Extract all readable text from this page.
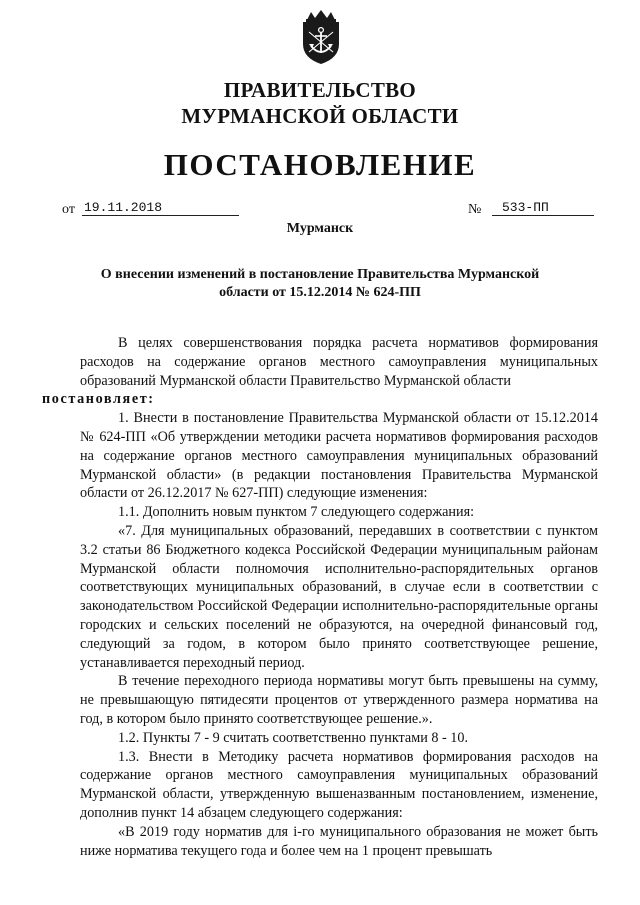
ПРАВИТЕЛЬСТВО
МУРМАНСКОЙ ОБЛАСТИ
ПОСТАНОВЛЕНИЕ
от 19.11.2018	№	533-ПП
Мурманск
О внесении изменений в постановление Правительства Мурманской области от 15.12.2014 № 624-ПП

В целях совершенствования порядка расчета нормативов формирования расходов на содержание органов местного самоуправления муниципальных образований Мурманской области Правительство Мурманской области
постановляет:

1. Внести в постановление Правительства Мурманской области от 15.12.2014 № 624-ПП «Об утверждении методики расчета нормативов формирования расходов на содержание органов местного самоуправления муниципальных образований Мурманской области» (в редакции постановления Правительства Мурманской области от 26.12.2017 № 627-ПП) следующие изменения:

1.1. Дополнить новым пунктом 7 следующего содержания:

«7. Для муниципальных образований, передавших в соответствии с пунктом 3.2 статьи 86 Бюджетного кодекса Российской Федерации муниципальным районам Мурманской области полномочия исполнительно-распорядительных органов соответствующих муниципальных образований, в случае если в соответствии с законодательством Российской Федерации исполнительно-распорядительные органы городских и сельских поселений не образуются, на очередной финансовый год, следующий за годом, в котором было принято соответствующее решение, устанавливается переходный период.

В течение переходного периода нормативы могут быть превышены на сумму, не превышающую пятидесяти процентов от утвержденного размера норматива на год, в котором было принято соответствующее решение.».

1.2. Пункты 7 - 9 считать соответственно пунктами 8 - 10.

1.3. Внести в Методику расчета нормативов формирования расходов на содержание органов местного самоуправления муниципальных образований Мурманской области, утвержденную вышеназванным постановлением, изменение, дополнив пункт 14 абзацем следующего содержания:

«В 2019 году норматив для i-го муниципального образования не может быть ниже норматива текущего года и более чем на 1 процент превышать
